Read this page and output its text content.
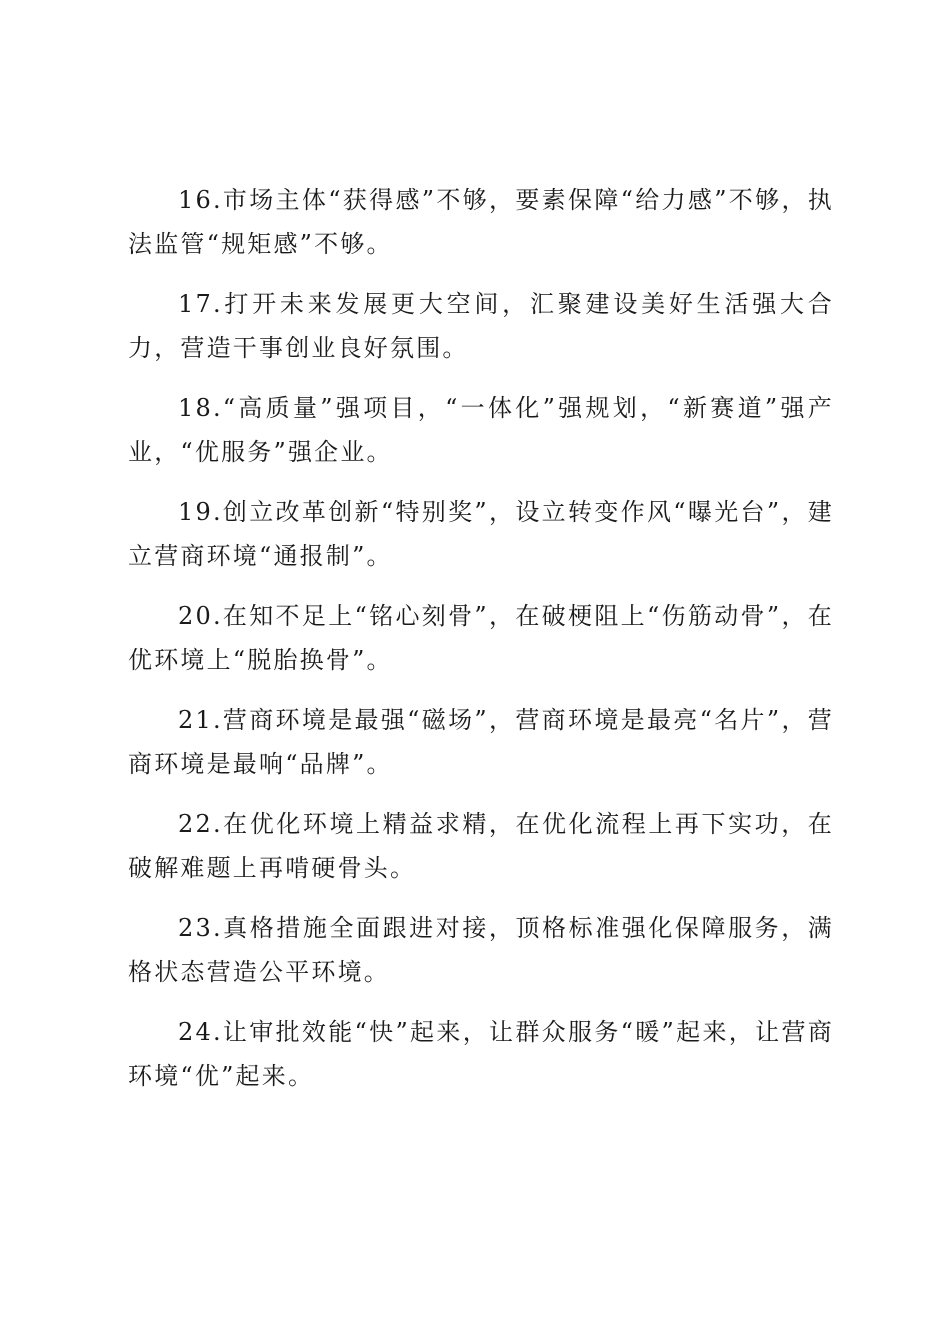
16.市场主体“获得感”不够，要素保障“给力感”不够，执法监管“规矩感”不够。

17.打开未来发展更大空间，汇聚建设美好生活强大合力，营造干事创业良好氛围。

18.“高质量”强项目，“一体化”强规划，“新赛道”强产业，“优服务”强企业。

19.创立改革创新“特别奖”，设立转变作风“曝光台”，建立营商环境“通报制”。

20.在知不足上“铭心刻骨”，在破梗阻上“伤筋动骨”，在优环境上“脱胎换骨”。

21.营商环境是最强“磁场”，营商环境是最亮“名片”，营商环境是最响“品牌”。

22.在优化环境上精益求精，在优化流程上再下实功，在破解难题上再啃硬骨头。

23.真格措施全面跟进对接，顶格标准强化保障服务，满格状态营造公平环境。

24.让审批效能“快”起来，让群众服务“暖”起来，让营商环境“优”起来。
